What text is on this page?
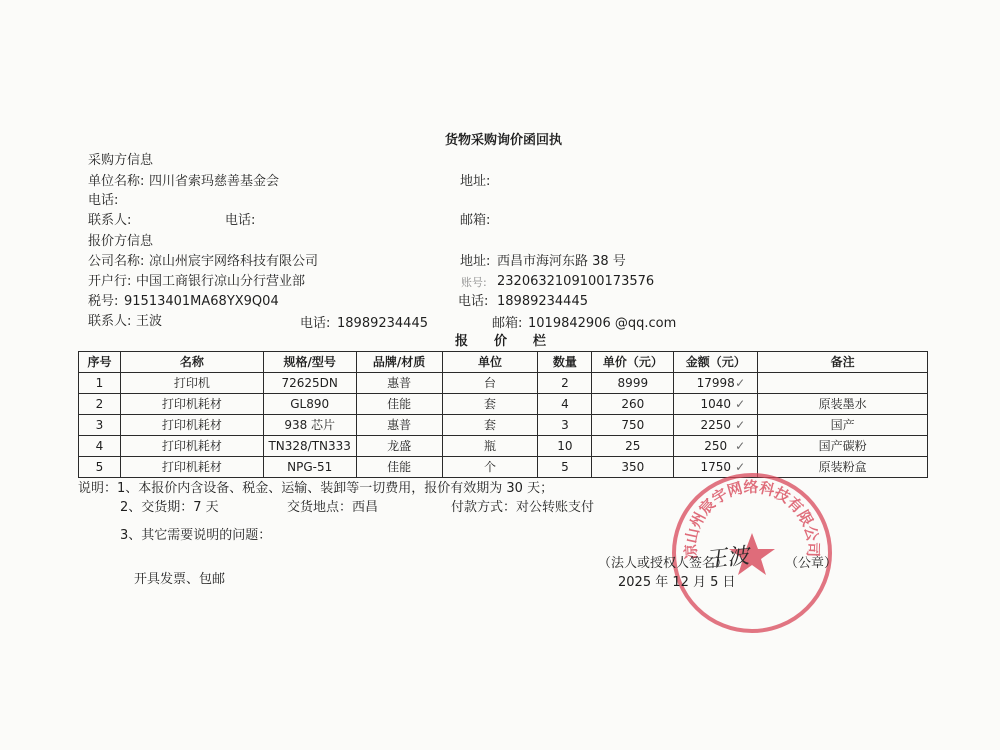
货物采购询价函回执
采购方信息
单位名称: 四川省索玛慈善基金会	地址:
电话:
联系人:	电话:	邮箱:
报价方信息
公司名称: 凉山州宸宇网络科技有限公司	地址: 西昌市海河东路 38 号
开户行: 中国工商银行凉山分行营业部	账号: 2320632109100173576
税号: 91513401MA68YX9Q04	电话: 18989234445
联系人: 王波	电话: 18989234445	邮箱: 1019842906 @qq.com
报　　价　　栏
序号	名称	规格/型号	品牌/材质	单位	数量	单价（元）	金额（元）	备注
1	打印机	72625DN	惠普	台	2	8999	17998 ✓	

2	打印机耗材	GL890	佳能	套	4	260	1040 ✓	原装墨水
3	打印机耗材	938 芯片	惠普	套	3	750	2250 ✓	国产
4	打印机耗材	TN328/TN333	龙盛	瓶	10	25	250 ✓	国产碳粉
5	打印机耗材	NPG-51	佳能	个	5	350	1750 ✓	原装粉盒
说明：1、本报价内含设备、税金、运输、装卸等一切费用，报价有效期为 30 天；
2、交货期：7 天	交货地点：西昌	付款方式：对公转账支付
3、其它需要说明的问题：
开具发票、包邮
凉山州宸宇网络科技有限公司
（法人或授权人签名）
王波	（公章）
2025 年 12 月 5 日
